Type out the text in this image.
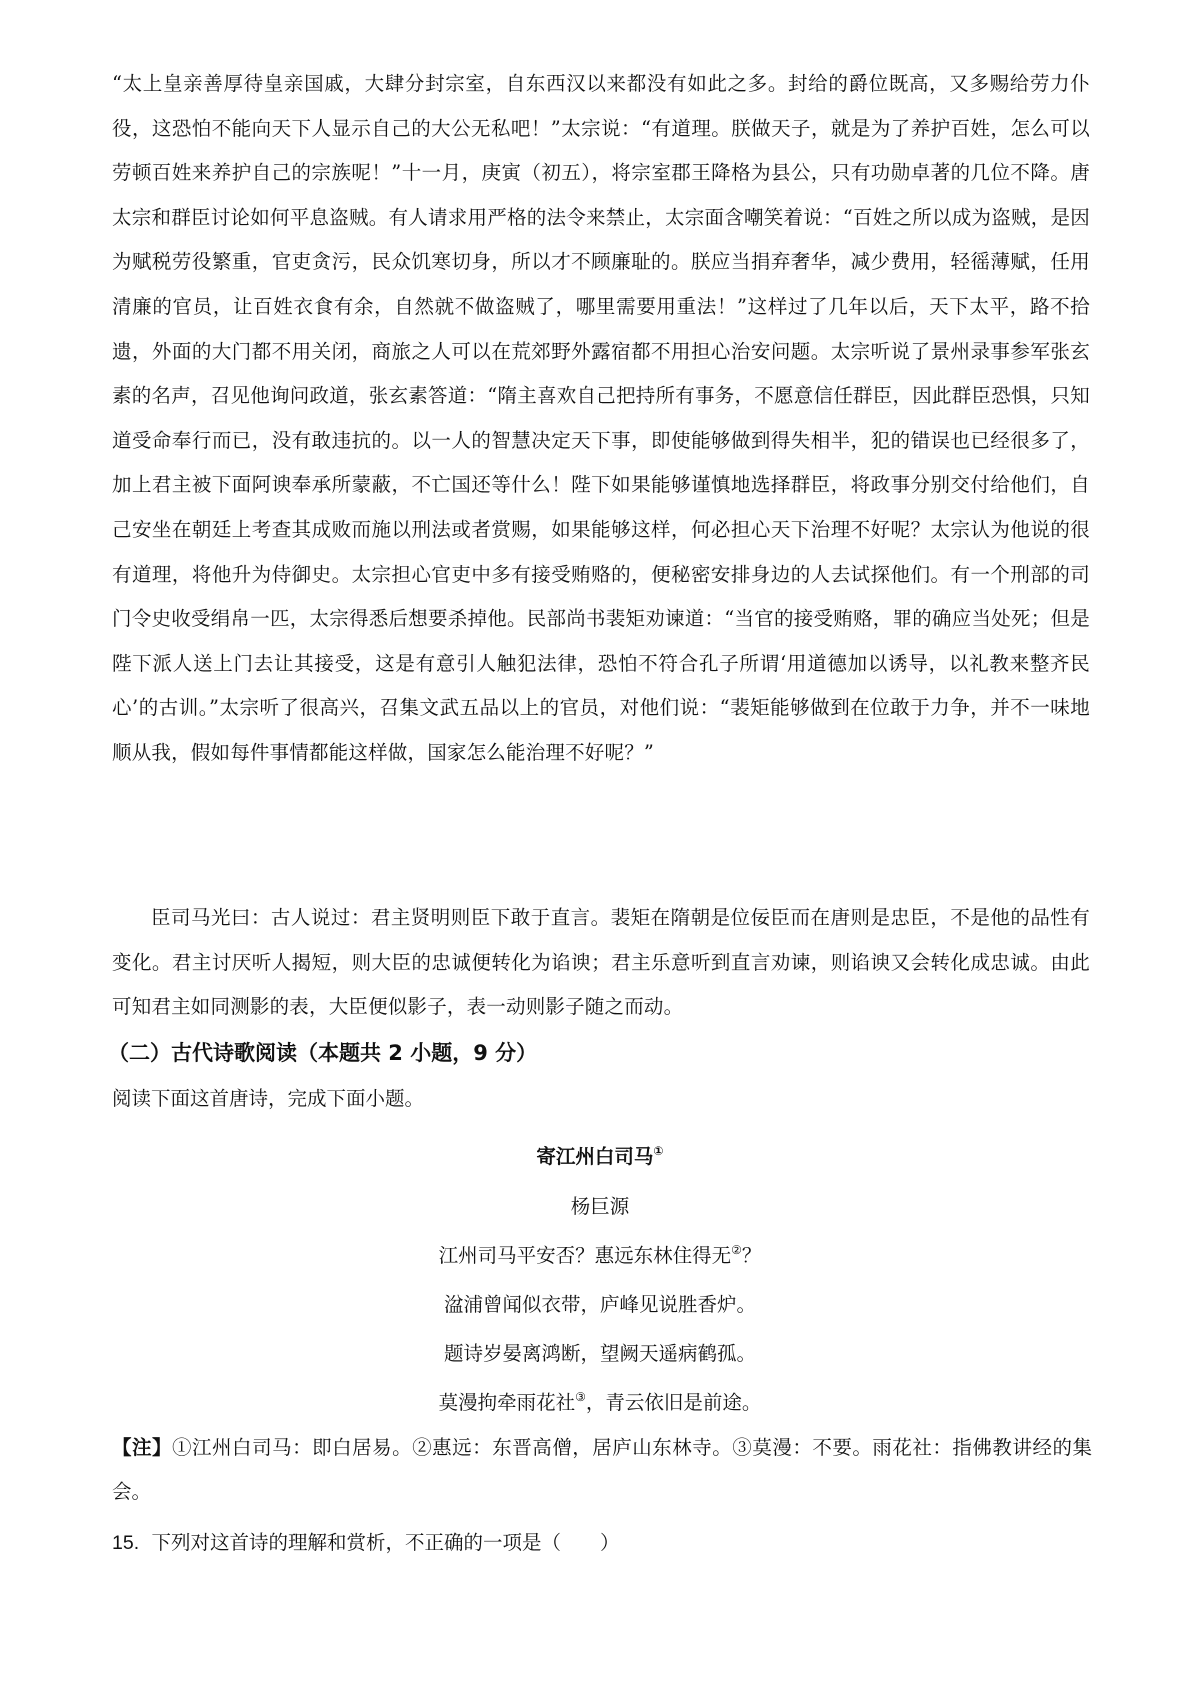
“太上皇亲善厚待皇亲国戚，大肆分封宗室，自东西汉以来都没有如此之多。封给的爵位既高，又多赐给劳力仆役，这恐怕不能向天下人显示自己的大公无私吧！”太宗说：“有道理。朕做天子，就是为了养护百姓，怎么可以劳顿百姓来养护自己的宗族呢！”十一月，庚寅（初五），将宗室郡王降格为县公，只有功勋卓著的几位不降。唐太宗和群臣讨论如何平息盗贼。有人请求用严格的法令来禁止，太宗面含嘲笑着说：“百姓之所以成为盗贼，是因为赋税劳役繁重，官吏贪污，民众饥寒切身，所以才不顾廉耻的。朕应当捐弃奢华，减少费用，轻徭薄赋，任用清廉的官员，让百姓衣食有余，自然就不做盗贼了，哪里需要用重法！”这样过了几年以后，天下太平，路不拾遗，外面的大门都不用关闭，商旅之人可以在荒郊野外露宿都不用担心治安问题。太宗听说了景州录事参军张玄素的名声，召见他询问政道，张玄素答道：“隋主喜欢自己把持所有事务，不愿意信任群臣，因此群臣恐惧，只知道受命奉行而已，没有敢违抗的。以一人的智慧决定天下事，即使能够做到得失相半，犯的错误也已经很多了，加上君主被下面阿谀奉承所蒙蔽，不亡国还等什么！陛下如果能够谨慎地选择群臣，将政事分别交付给他们，自己安坐在朝廷上考查其成败而施以刑法或者赏赐，如果能够这样，何必担心天下治理不好呢？太宗认为他说的很有道理，将他升为侍御史。太宗担心官吏中多有接受贿赂的，便秘密安排身边的人去试探他们。有一个刑部的司门令史收受绢帛一匹，太宗得悉后想要杀掉他。民部尚书裴矩劝谏道：“当官的接受贿赂，罪的确应当处死；但是陛下派人送上门去让其接受，这是有意引人触犯法律，恐怕不符合孔子所谓‘用道德加以诱导，以礼教来整齐民心’的古训。”太宗听了很高兴，召集文武五品以上的官员，对他们说：“裴矩能够做到在位敢于力争，并不一味地顺从我，假如每件事情都能这样做，国家怎么能治理不好呢？”

臣司马光曰：古人说过：君主贤明则臣下敢于直言。裴矩在隋朝是位佞臣而在唐则是忠臣，不是他的品性有变化。君主讨厌听人揭短，则大臣的忠诚便转化为谄谀；君主乐意听到直言劝谏，则谄谀又会转化成忠诚。由此可知君主如同测影的表，大臣便似影子，表一动则影子随之而动。

（二）古代诗歌阅读（本题共 2 小题，9 分）

阅读下面这首唐诗，完成下面小题。

寄江州白司马①

杨巨源

江州司马平安否？惠远东林住得无②？

湓浦曾闻似衣带，庐峰见说胜香炉。

题诗岁晏离鸿断，望阙天遥病鹤孤。

莫漫拘牵雨花社③，青云依旧是前途。

【注】①江州白司马：即白居易。②惠远：东晋高僧，居庐山东林寺。③莫漫：不要。雨花社：指佛教讲经的集会。

15. 下列对这首诗的理解和赏析，不正确的一项是（　　）
